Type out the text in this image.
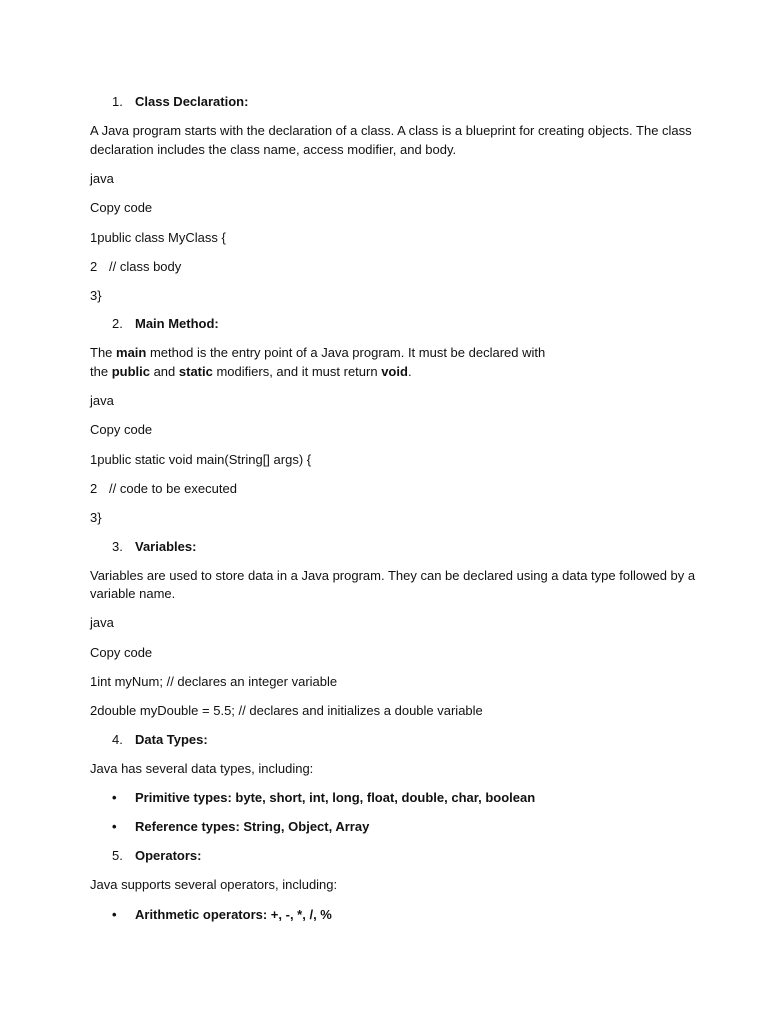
1. Class Declaration:
A Java program starts with the declaration of a class. A class is a blueprint for creating objects. The class
declaration includes the class name, access modifier, and body.
java
Copy code
1public class MyClass {
2 // class body
3}
2. Main Method:
The main method is the entry point of a Java program. It must be declared with
the public and static modifiers, and it must return void.
java
Copy code
1public static void main(String[] args) {
2 // code to be executed
3}
3. Variables:
Variables are used to store data in a Java program. They can be declared using a data type followed by a
variable name.
java
Copy code
1int myNum; // declares an integer variable
2double myDouble = 5.5; // declares and initializes a double variable
4. Data Types:
Java has several data types, including:
• Primitive types: byte, short, int, long, float, double, char, boolean
• Reference types: String, Object, Array
5. Operators:
Java supports several operators, including:
• Arithmetic operators: +, -, *, /, %
